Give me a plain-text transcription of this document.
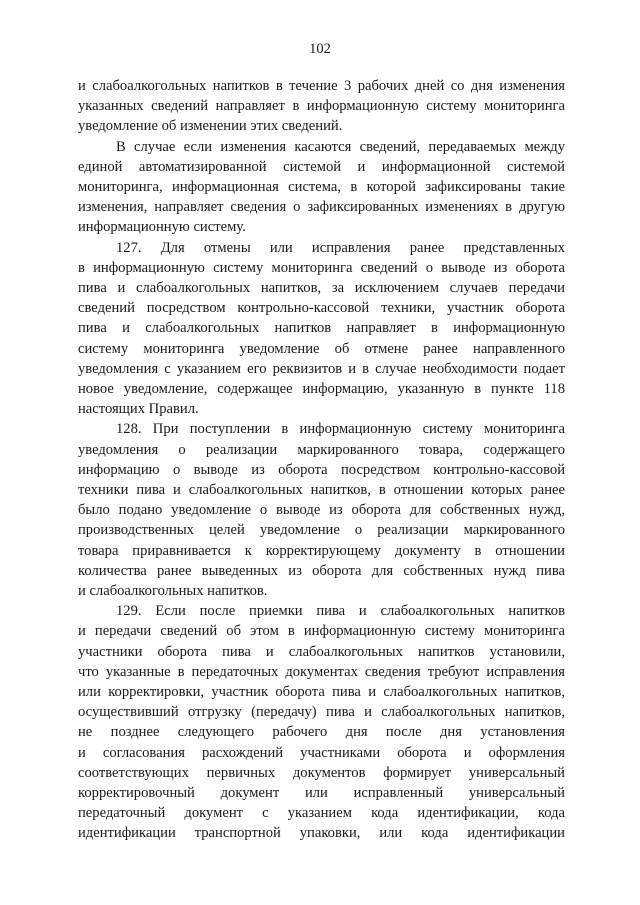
102
и слабоалкогольных напитков в течение 3 рабочих дней со дня изменения
указанных сведений направляет в информационную систему мониторинга
уведомление об изменении этих сведений.
В случае если изменения касаются сведений, передаваемых между
единой автоматизированной системой и информационной системой
мониторинга, информационная система, в которой зафиксированы такие
изменения, направляет сведения о зафиксированных изменениях в другую
информационную систему.
127. Для отмены или исправления ранее представленных
в информационную систему мониторинга сведений о выводе из оборота
пива и слабоалкогольных напитков, за исключением случаев передачи
сведений посредством контрольно-кассовой техники, участник оборота
пива и слабоалкогольных напитков направляет в информационную
систему мониторинга уведомление об отмене ранее направленного
уведомления с указанием его реквизитов и в случае необходимости подает
новое уведомление, содержащее информацию, указанную в пункте 118
настоящих Правил.
128. При поступлении в информационную систему мониторинга
уведомления о реализации маркированного товара, содержащего
информацию о выводе из оборота посредством контрольно-кассовой
техники пива и слабоалкогольных напитков, в отношении которых ранее
было подано уведомление о выводе из оборота для собственных нужд,
производственных целей уведомление о реализации маркированного
товара приравнивается к корректирующему документу в отношении
количества ранее выведенных из оборота для собственных нужд пива
и слабоалкогольных напитков.
129. Если после приемки пива и слабоалкогольных напитков
и передачи сведений об этом в информационную систему мониторинга
участники оборота пива и слабоалкогольных напитков установили,
что указанные в передаточных документах сведения требуют исправления
или корректировки, участник оборота пива и слабоалкогольных напитков,
осуществивший отгрузку (передачу) пива и слабоалкогольных напитков,
не позднее следующего рабочего дня после дня установления
и согласования расхождений участниками оборота и оформления
соответствующих первичных документов формирует универсальный
корректировочный документ или исправленный универсальный
передаточный документ с указанием кода идентификации, кода
идентификации транспортной упаковки, или кода идентификации
